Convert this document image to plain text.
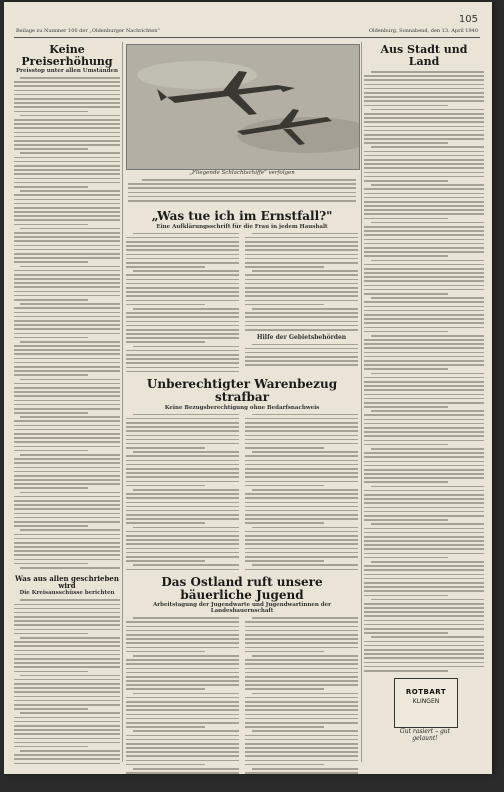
105
Beilage zu Nummer 100 der „Oldenburger Nachrichten"	Oldenburg, Sonnabend, den 13. April 1940
Keine Preiserhöhung
Preisstop unter allen Umständen
Was aus allen geschrieben wird
Die Kreisausschüsse berichten
„Fliegende Schlachtschiffe" verfolgen
„Was tue ich im Ernstfall?"
Eine Aufklärungsschrift für die Frau in jedem Haushalt
Hilfe der Gebietsbehörden
Unberechtigter Warenbezug strafbar
Keine Bezugsberechtigung ohne Bedarfsnachweis
Das Ostland ruft unsere bäuerliche Jugend
Arbeitstagung der Jugendwarte und Jugendwartinnen der Landesbauernschaft
Aus Stadt und Land
ROTBART
KLINGEN
Gut rasiert – gut gelaunt!
